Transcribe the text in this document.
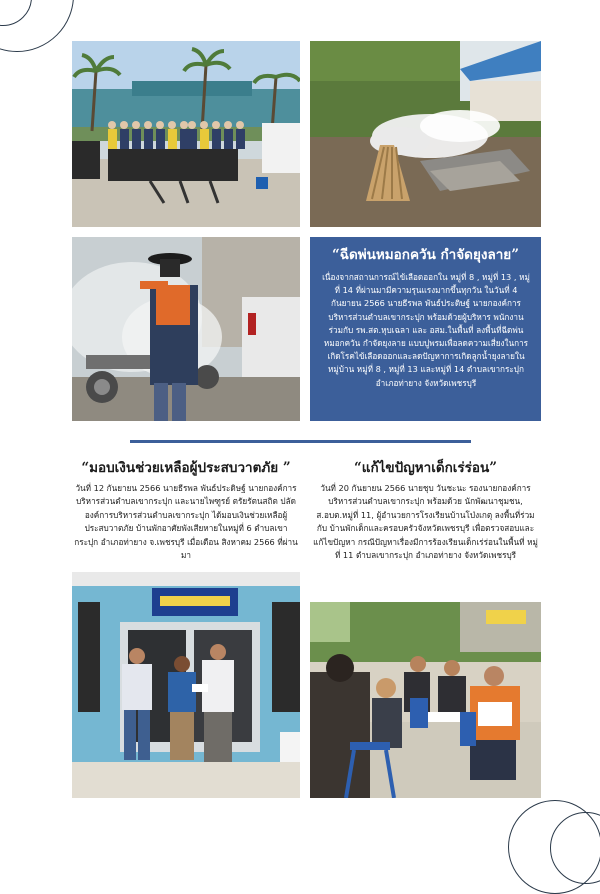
“ฉีดพ่นหมอกควัน กำจัดยุงลาย”

เนื่องจากสถานการณ์ไข้เลือดออกใน หมู่ที่ 8 , หมู่ที่ 13 , หมู่ที่ 14 ที่ผ่านมามีความรุนแรงมากขึ้นทุกวัน ในวันที่ 4 กันยายน 2566 นายธีรพล พันธ์ประดิษฐ์ นายกองค์การบริหารส่วนตำบลเขากระปุก พร้อมด้วยผู้บริหาร พนักงาน ร่วมกับ รพ.สต.หุบเฉลา และ อสม.ในพื้นที่ ลงพื้นที่ฉีดพ่นหมอกควัน กำจัดยุงลาย แบบปูพรมเพื่อลดความเสี่ยงในการเกิดโรคไข้เลือดออกและลดปัญหาการเกิดลูกน้ำยุงลายในหมู่บ้าน หมู่ที่ 8 , หมู่ที่ 13 และหมู่ที่ 14 ตำบลเขากระปุก อำเภอท่ายาง จังหวัดเพชรบุรี

“มอบเงินช่วยเหลือผู้ประสบวาตภัย ”
วันที่ 12 กันยายน 2566 นายธีรพล พันธ์ประดิษฐ์ นายกองค์การบริหารส่วนตำบลเขากระปุก และนายไพฑูรย์ ตรัยรัตนสถิต ปลัดองค์การบริหารส่วนตำบลเขากระปุก ได้มอบเงินช่วยเหลือผู้ประสบวาตภัย บ้านพักอาศัยพังเสียหายในหมู่ที่ 6 ตำบลเขากระปุก อำเภอท่ายาง จ.เพชรบุรี เมื่อเดือน สิงหาคม 2566 ที่ผ่านมา
“แก้ไขปัญหาเด็กเร่ร่อน”
วันที่ 20 กันยายน 2566 นายชุบ วันชะนะ รองนายกองค์การบริหารส่วนตำบลเขากระปุก พร้อมด้วย นักพัฒนาชุมชน, ส.อบต.หมู่ที่ 11, ผู้อำนวยการโรงเรียนบ้านโป่งเกตุ ลงพื้นที่ร่วมกับ บ้านพักเด็กและครอบครัวจังหวัดเพชรบุรี เพื่อตรวจสอบและแก้ไขปัญหา กรณีปัญหาเรื่องมีการร้องเรียนเด็กเร่ร่อนในพื้นที่ หมู่ที่ 11 ตำบลเขากระปุก อำเภอท่ายาง จังหวัดเพชรบุรี
